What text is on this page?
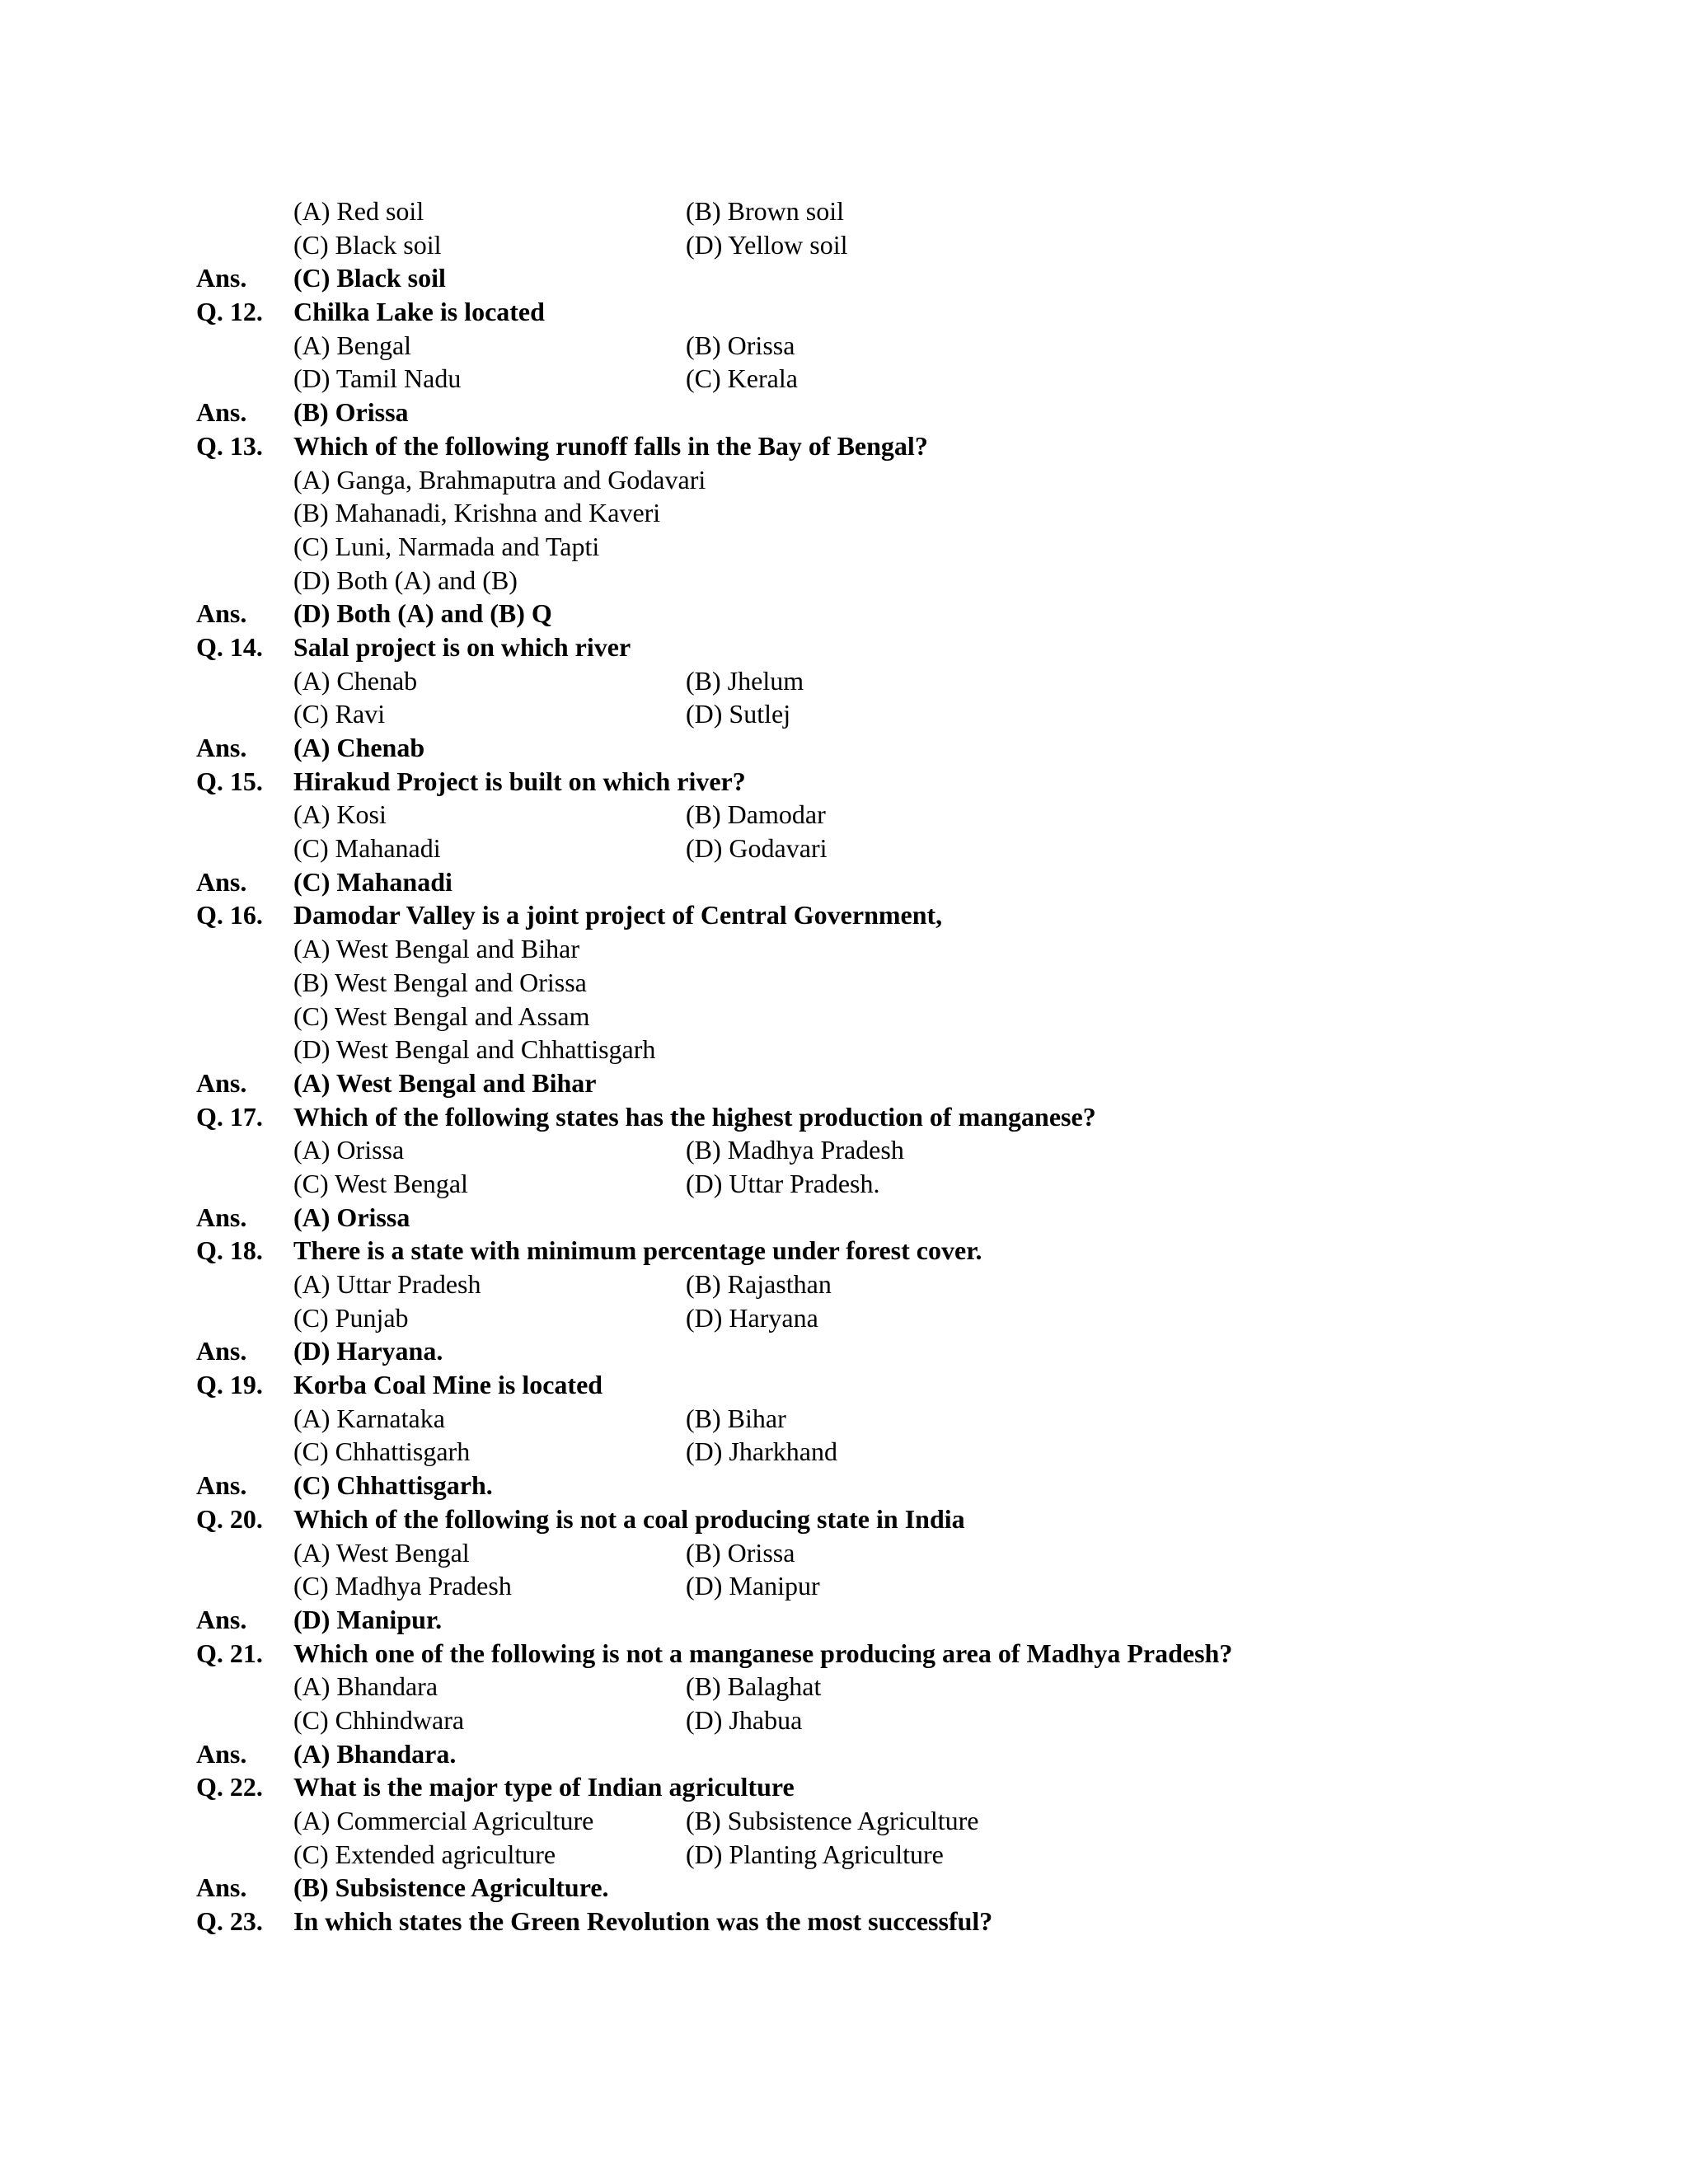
(A) Red soil	(B) Brown soil
(C) Black soil	(D) Yellow soil
Ans. (C) Black soil
Q. 12. Chilka Lake is located
(A) Bengal	(B) Orissa
(D) Tamil Nadu	(C) Kerala
Ans. (B) Orissa
Q. 13. Which of the following runoff falls in the Bay of Bengal?
(A) Ganga, Brahmaputra and Godavari
(B) Mahanadi, Krishna and Kaveri
(C) Luni, Narmada and Tapti
(D) Both (A) and (B)
Ans. (D) Both (A) and (B) Q
Q. 14. Salal project is on which river
(A) Chenab	(B) Jhelum
(C) Ravi	(D) Sutlej
Ans. (A) Chenab
Q. 15. Hirakud Project is built on which river?
(A) Kosi	(B) Damodar
(C) Mahanadi	(D) Godavari
Ans. (C) Mahanadi
Q. 16. Damodar Valley is a joint project of Central Government,
(A) West Bengal and Bihar
(B) West Bengal and Orissa
(C) West Bengal and Assam
(D) West Bengal and Chhattisgarh
Ans. (A) West Bengal and Bihar
Q. 17. Which of the following states has the highest production of manganese?
(A) Orissa	(B) Madhya Pradesh
(C) West Bengal	(D) Uttar Pradesh.
Ans. (A) Orissa
Q. 18. There is a state with minimum percentage under forest cover.
(A) Uttar Pradesh	(B) Rajasthan
(C) Punjab	(D) Haryana
Ans. (D) Haryana.
Q. 19. Korba Coal Mine is located
(A) Karnataka	(B) Bihar
(C) Chhattisgarh	(D) Jharkhand
Ans. (C) Chhattisgarh.
Q. 20. Which of the following is not a coal producing state in India
(A) West Bengal	(B) Orissa
(C) Madhya Pradesh	(D) Manipur
Ans. (D) Manipur.
Q. 21. Which one of the following is not a manganese producing area of Madhya Pradesh?
(A) Bhandara	(B) Balaghat
(C) Chhindwara	(D) Jhabua
Ans. (A) Bhandara.
Q. 22. What is the major type of Indian agriculture
(A) Commercial Agriculture	(B) Subsistence Agriculture
(C) Extended agriculture	(D) Planting Agriculture
Ans. (B) Subsistence Agriculture.
Q. 23. In which states the Green Revolution was the most successful?
